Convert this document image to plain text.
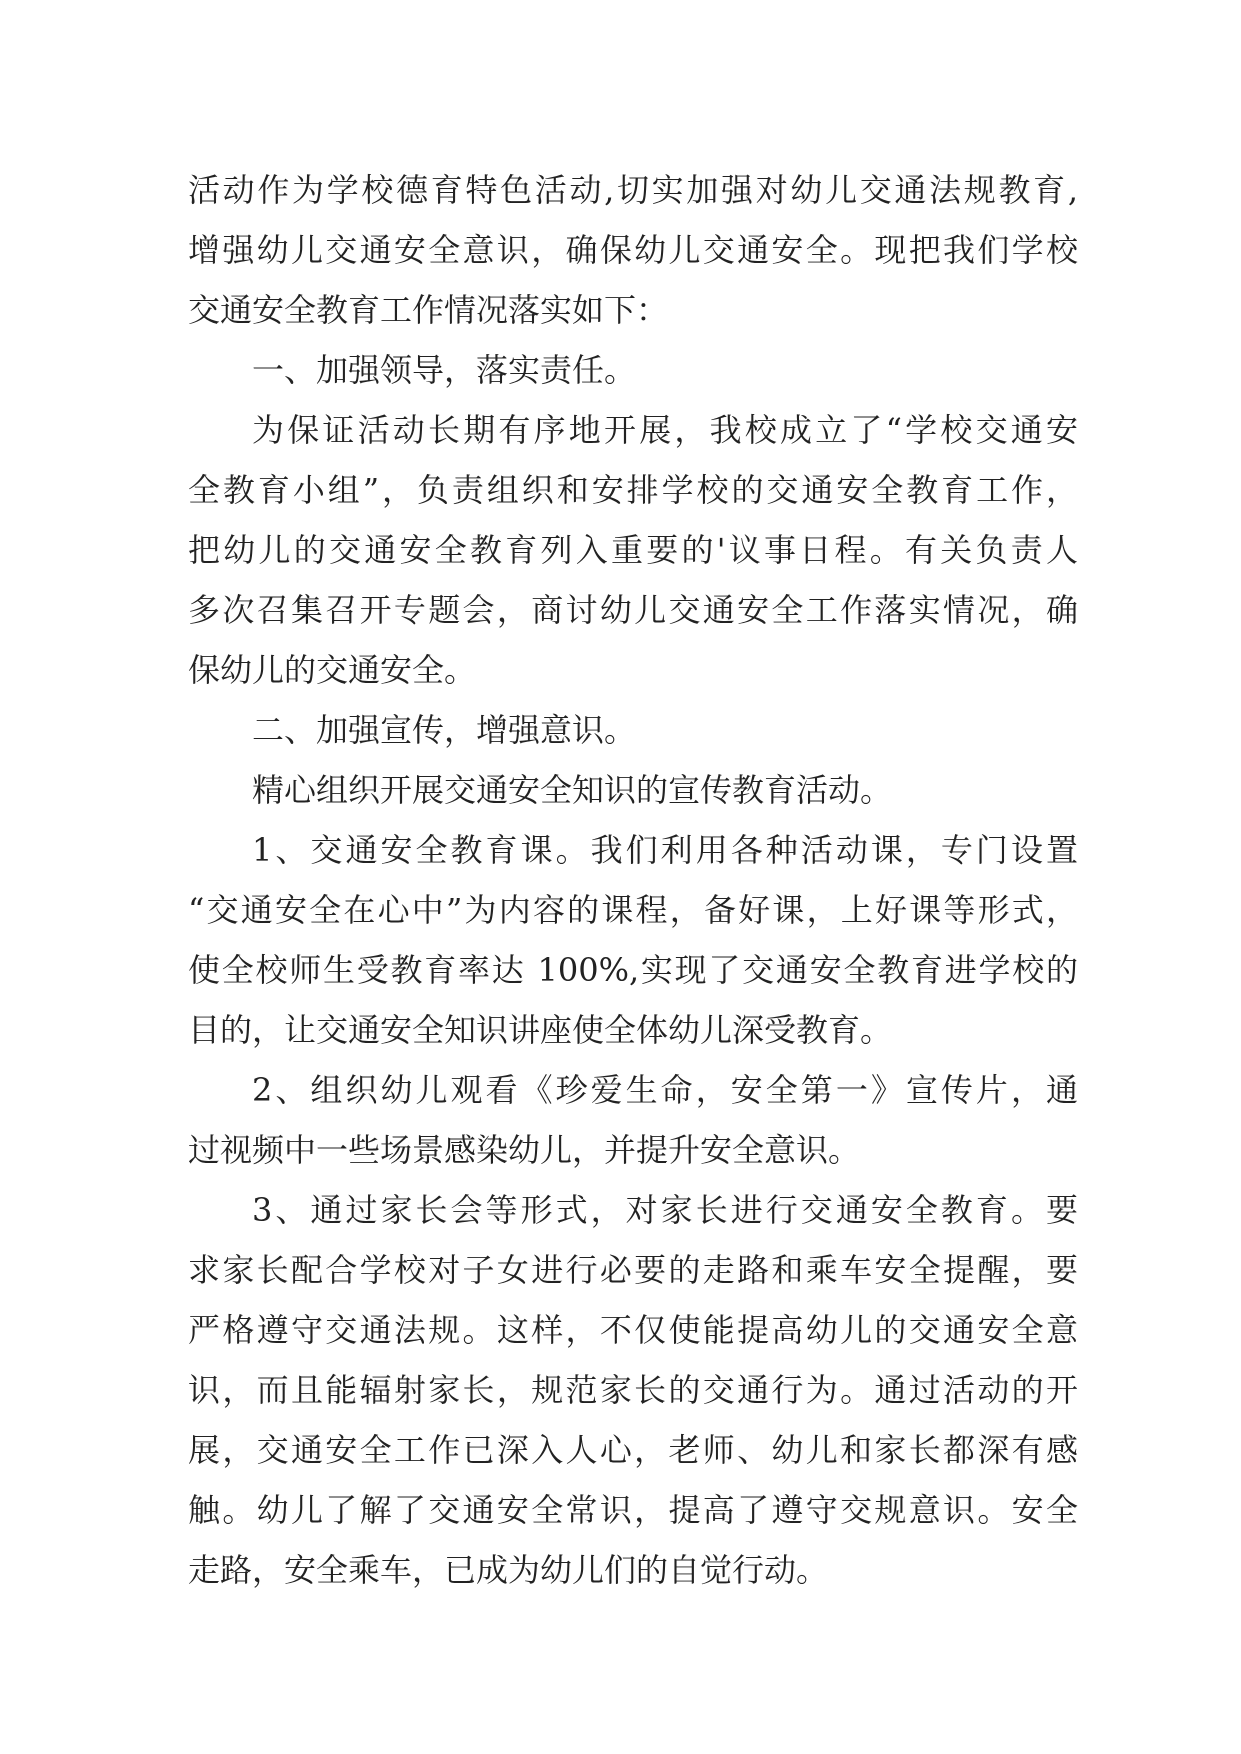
活动作为学校德育特色活动,切实加强对幼儿交通法规教育,
增强幼儿交通安全意识，确保幼儿交通安全。现把我们学校
交通安全教育工作情况落实如下：
一、加强领导，落实责任。
为保证活动长期有序地开展，我校成立了“学校交通安
全教育小组”，负责组织和安排学校的交通安全教育工作，
把幼儿的交通安全教育列入重要的'议事日程。有关负责人
多次召集召开专题会，商讨幼儿交通安全工作落实情况，确
保幼儿的交通安全。
二、加强宣传，增强意识。
精心组织开展交通安全知识的宣传教育活动。
1、交通安全教育课。我们利用各种活动课，专门设置
“交通安全在心中”为内容的课程，备好课，上好课等形式，
使全校师生受教育率达 100%,实现了交通安全教育进学校的
目的，让交通安全知识讲座使全体幼儿深受教育。
2、组织幼儿观看《珍爱生命，安全第一》宣传片，通
过视频中一些场景感染幼儿，并提升安全意识。
3、通过家长会等形式，对家长进行交通安全教育。要
求家长配合学校对子女进行必要的走路和乘车安全提醒，要
严格遵守交通法规。这样，不仅使能提高幼儿的交通安全意
识，而且能辐射家长，规范家长的交通行为。通过活动的开
展，交通安全工作已深入人心，老师、幼儿和家长都深有感
触。幼儿了解了交通安全常识，提高了遵守交规意识。安全
走路，安全乘车，已成为幼儿们的自觉行动。
